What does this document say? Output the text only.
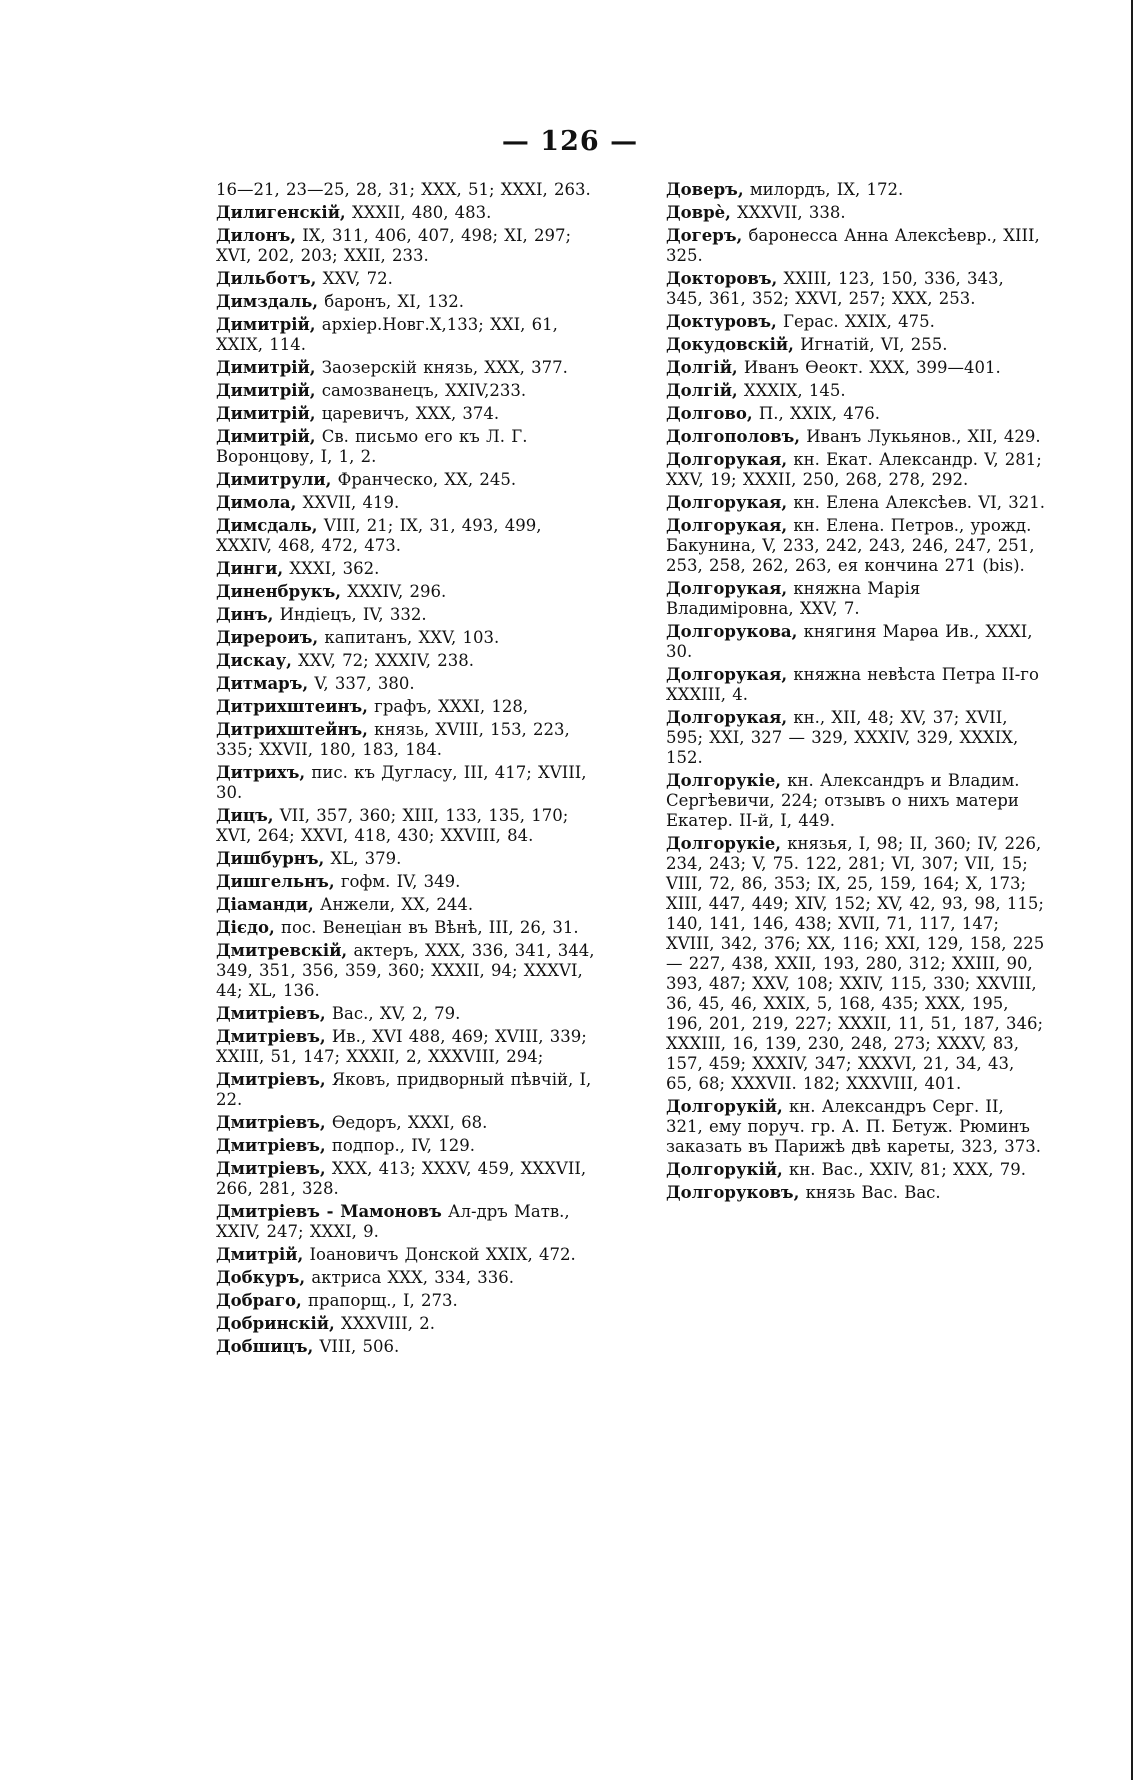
— 126 —
16—21, 23—25, 28, 31; XXX, 51; XXXI, 263.
Дилигенскій, XXXII, 480, 483.
Дилонъ, IX, 311, 406, 407, 498; XI, 297; XVI, 202, 203; XXII, 233.
Дильботъ, XXV, 72.
Димздаль, баронъ, XI, 132.
Димитрій, архіер.Новг.X,133; XXI, 61, XXIX, 114.
Димитрій, Заозерскій князь, XXX, 377.
Димитрій, самозванецъ, XXIV,233.
Димитрій, царевичъ, XXX, 374.
Димитрій, Св. письмо его къ Л. Г. Воронцову, I, 1, 2.
Димитрули, Франческо, XX, 245.
Димола, XXVII, 419.
Димсдаль, VIII, 21; IX, 31, 493, 499, XXXIV, 468, 472, 473.
Динги, XXXI, 362.
Диненбрукъ, XXXIV, 296.
Динъ, Индіецъ, IV, 332.
Дирероиъ, капитанъ, XXV, 103.
Дискау, XXV, 72; XXXIV, 238.
Дитмаръ, V, 337, 380.
Дитрихштеинъ, графъ, XXXI, 128,
Дитрихштейнъ, князь, XVIII, 153, 223, 335; XXVII, 180, 183, 184.
Дитрихъ, пис. къ Дугласу, III, 417; XVIII, 30.
Дицъ, VII, 357, 360; XIII, 133, 135, 170; XVI, 264; XXVI, 418, 430; XXVIII, 84.
Дишбурнъ, XL, 379.
Дишгельнъ, гофм. IV, 349.
Діаманди, Анжели, XX, 244.
Дієдо, пос. Венеціан въ Вѣнѣ, III, 26, 31.
Дмитревскій, актеръ, XXX, 336, 341, 344, 349, 351, 356, 359, 360; XXXII, 94; XXXVI, 44; XL, 136.
Дмитріевъ, Вас., XV, 2, 79.
Дмитріевъ, Ив., XVI 488, 469; XVIII, 339; XXIII, 51, 147; XXXII, 2, XXXVIII, 294;
Дмитріевъ, Яковъ, придворный пѣвчій, I, 22.
Дмитріевъ, Ѳедоръ, XXXI, 68.
Дмитріевъ, подпор., IV, 129.
Дмитріевъ, XXX, 413; XXXV, 459, XXXVII, 266, 281, 328.
Дмитріевъ - Мамоновъ Ал-дръ Матв., XXIV, 247; XXXI, 9.
Дмитрій, Іоановичъ Донской XXIX, 472.
Добкуръ, актриса XXX, 334, 336.
Добраго, прапорщ., I, 273.
Добринскій, XXXVIII, 2.
Добшицъ, VIII, 506.
Доверъ, милордъ, IX, 172.
Доврѐ, XXXVII, 338.
Догеръ, баронесса Анна Алексѣевр., XIII, 325.
Докторовъ, XXIII, 123, 150, 336, 343, 345, 361, 352; XXVI, 257; XXX, 253.
Доктуровъ, Герас. XXIX, 475.
Докудовскій, Игнатій, VI, 255.
Долгій, Иванъ Ѳеокт. XXX, 399—401.
Долгій, XXXIX, 145.
Долгово, П., XXIX, 476.
Долгополовъ, Иванъ Лукьянов., XII, 429.
Долгорукая, кн. Екат. Александр. V, 281; XXV, 19; XXXII, 250, 268, 278, 292.
Долгорукая, кн. Елена Алексѣев. VI, 321.
Долгорукая, кн. Елена. Петров., урожд. Бакунина, V, 233, 242, 243, 246, 247, 251, 253, 258, 262, 263, ея кончина 271 (bis).
Долгорукая, княжна Марія Владиміровна, XXV, 7.
Долгорукова, княгиня Марѳа Ив., XXXI, 30.
Долгорукая, княжна невѣста Петра II-го XXXIII, 4.
Долгорукая, кн., XII, 48; XV, 37; XVII, 595; XXI, 327 — 329, XXXIV, 329, XXXIX, 152.
Долгорукіе, кн. Александръ и Владим. Сергѣевичи, 224; отзывъ о нихъ матери Екатер. II-й, I, 449.
Долгорукіе, князья, I, 98; II, 360; IV, 226, 234, 243; V, 75. 122, 281; VI, 307; VII, 15; VIII, 72, 86, 353; IX, 25, 159, 164; X, 173; XIII, 447, 449; XIV, 152; XV, 42, 93, 98, 115; 140, 141, 146, 438; XVII, 71, 117, 147; XVIII, 342, 376; XX, 116; XXI, 129, 158, 225 — 227, 438, XXII, 193, 280, 312; XXIII, 90, 393, 487; XXV, 108; XXIV, 115, 330; XXVIII, 36, 45, 46, XXIX, 5, 168, 435; XXX, 195, 196, 201, 219, 227; XXXII, 11, 51, 187, 346; XXXIII, 16, 139, 230, 248, 273; XXXV, 83, 157, 459; XXXIV, 347; XXXVI, 21, 34, 43, 65, 68; XXXVII. 182; XXXVIII, 401.
Долгорукій, кн. Александръ Серг. II, 321, ему поруч. гр. А. П. Бетуж. Рюминъ заказать въ Парижѣ двѣ кареты, 323, 373.
Долгорукій, кн. Вас., XXIV, 81; XXX, 79.
Долгоруковъ, князь Вас. Вас.
